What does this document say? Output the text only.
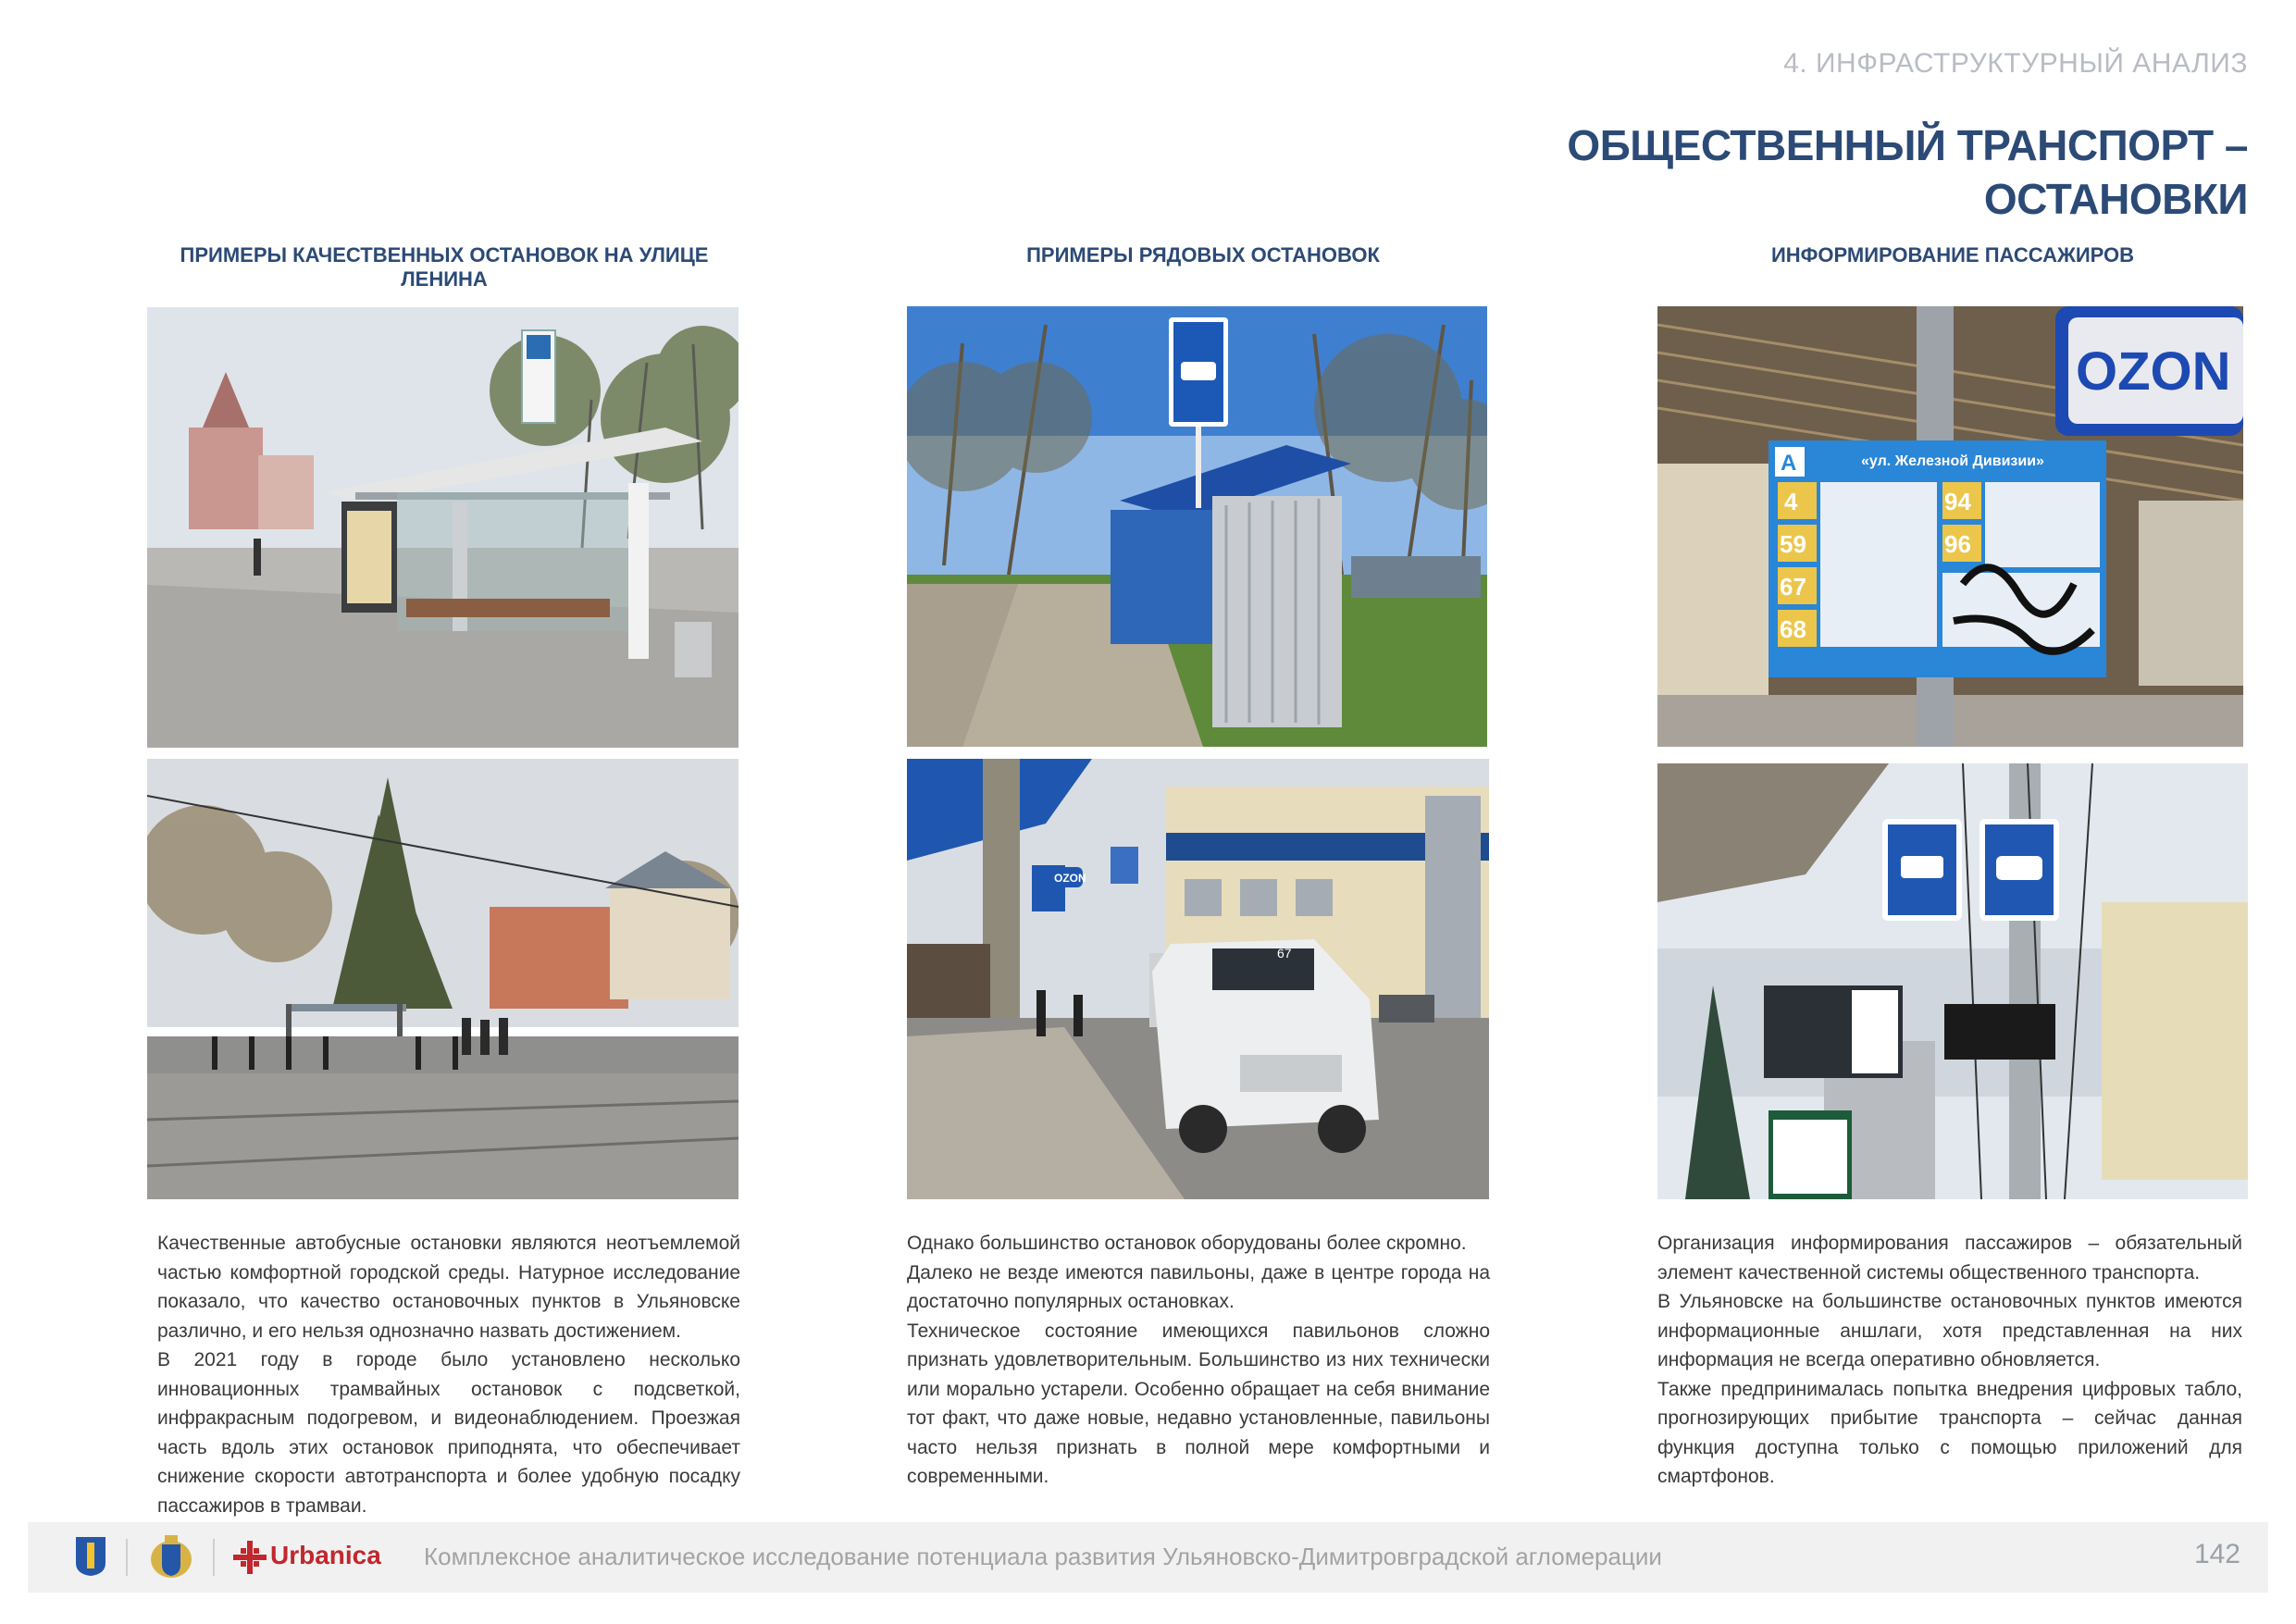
4. ИНФРАСТРУКТУРНЫЙ АНАЛИЗ
ОБЩЕСТВЕННЫЙ ТРАНСПОРТ –
ОСТАНОВКИ
ПРИМЕРЫ КАЧЕСТВЕННЫХ ОСТАНОВОК НА УЛИЦЕ ЛЕНИНА
ПРИМЕРЫ РЯДОВЫХ ОСТАНОВОК	ИНФОРМИРОВАНИЕ ПАССАЖИРОВ
67
OZON
OZON
А	«ул. Железной Дивизии»
4
59
67
68
94
96

Качественные автобусные остановки являются неотъемлемой частью комфортной городской среды. Натурное исследование показало, что качество остановочных пунктов в Ульяновске различно, и его нельзя однозначно назвать достижением.

В 2021 году в городе было установлено несколько инновационных трамвайных остановок с подсветкой, инфракрасным подогревом, и видеонаблюдением. Проезжая часть вдоль этих остановок приподнята, что обеспечивает снижение скорости автотранспорта и более удобную посадку пассажиров в трамваи.

Однако большинство остановок оборудованы более скромно.

Далеко не везде имеются павильоны, даже в центре города на достаточно популярных остановках.

Техническое состояние имеющихся павильонов сложно признать удовлетворительным. Большинство из них технически или морально устарели. Особенно обращает на себя внимание тот факт, что даже новые, недавно установленные, павильоны часто нельзя признать в полной мере комфортными и современными.

Организация информирования пассажиров – обязательный элемент качественной системы общественного транспорта.

В Ульяновске на большинстве остановочных пунктов имеются информационные аншлаги, хотя представленная на них информация не всегда оперативно обновляется.

Также предпринималась попытка внедрения цифровых табло, прогнозирующих прибытие транспорта – сейчас данная функция доступна только с помощью приложений для смартфонов.

Urbanica Комплексное аналитическое исследование потенциала развития Ульяновско-Димитровградской агломерации	142
